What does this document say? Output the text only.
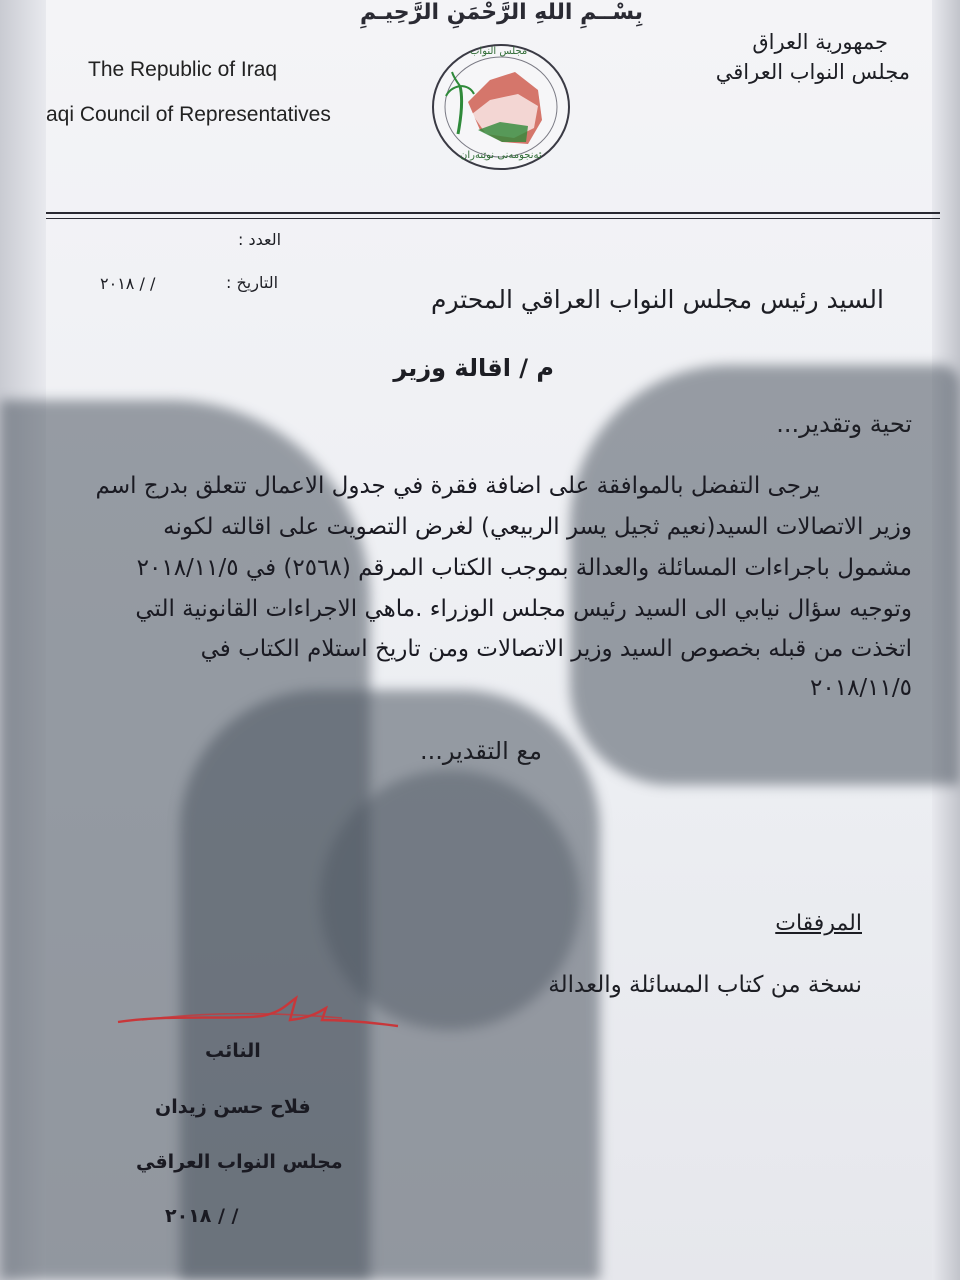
بِسْــمِ اللهِ الرَّحْمَنِ الرَّحِيـمِ
The Republic of Iraq
aqi Council of Representatives
جمهورية العراق
مجلس النواب العراقي
مجلس النواب
ئەنجومەنی نوێنەران
العدد :
التاريخ :
/ / ٢٠١٨
السيد رئيس مجلس النواب العراقي المحترم
م / اقالة وزير
تحية وتقدير...
يرجى التفضل بالموافقة على اضافة فقرة في جدول الاعمال تتعلق بدرج اسم
وزير الاتصالات السيد(نعيم ثجيل يسر الربيعي) لغرض التصويت على اقالته لكونه
مشمول باجراءات المسائلة والعدالة بموجب الكتاب المرقم (٢٥٦٨) في ٢٠١٨/١١/٥
وتوجيه سؤال نيابي الى السيد رئيس مجلس الوزراء .ماهي الاجراءات القانونية التي
اتخذت من قبله بخصوص السيد وزير الاتصالات ومن تاريخ استلام الكتاب في
٢٠١٨/١١/٥
مع التقدير...
المرفقات
نسخة من كتاب المسائلة والعدالة
النائب
فلاح حسن زيدان
مجلس النواب العراقي
/ / ٢٠١٨
